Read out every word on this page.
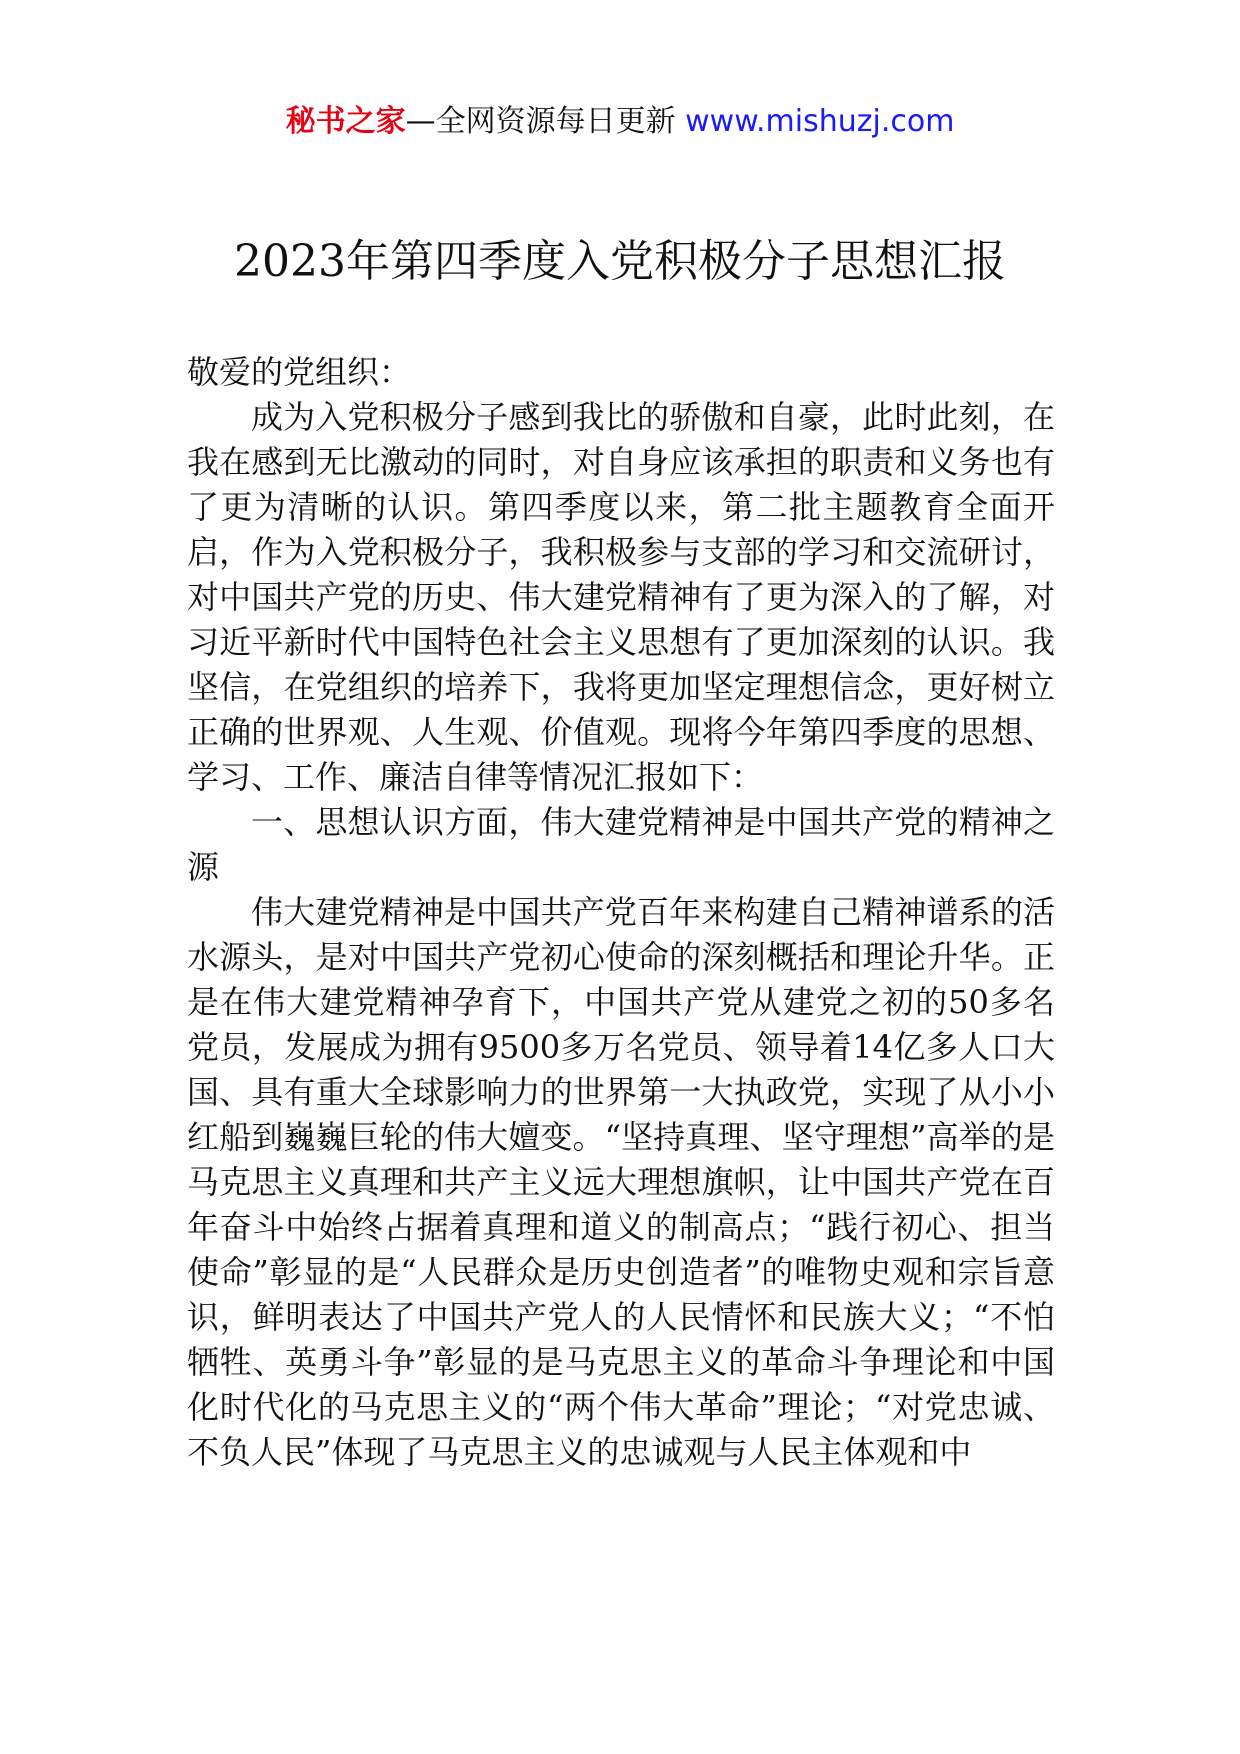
秘书之家—全网资源每日更新 www.mishuzj.com
2023年第四季度入党积极分子思想汇报

敬爱的党组织：

成为入党积极分子感到我比的骄傲和自豪，此时此刻，在我在感到无比激动的同时，对自身应该承担的职责和义务也有了更为清晰的认识。第四季度以来，第二批主题教育全面开启，作为入党积极分子，我积极参与支部的学习和交流研讨，对中国共产党的历史、伟大建党精神有了更为深入的了解，对习近平新时代中国特色社会主义思想有了更加深刻的认识。我坚信，在党组织的培养下，我将更加坚定理想信念，更好树立正确的世界观、人生观、价值观。现将今年第四季度的思想、学习、工作、廉洁自律等情况汇报如下：

一、思想认识方面，伟大建党精神是中国共产党的精神之源

伟大建党精神是中国共产党百年来构建自己精神谱系的活水源头，是对中国共产党初心使命的深刻概括和理论升华。正是在伟大建党精神孕育下，中国共产党从建党之初的50多名党员，发展成为拥有9500多万名党员、领导着14亿多人口大国、具有重大全球影响力的世界第一大执政党，实现了从小小红船到巍巍巨轮的伟大嬗变。“坚持真理、坚守理想”高举的是马克思主义真理和共产主义远大理想旗帜，让中国共产党在百年奋斗中始终占据着真理和道义的制高点；“践行初心、担当使命”彰显的是“人民群众是历史创造者”的唯物史观和宗旨意识，鲜明表达了中国共产党人的人民情怀和民族大义；“不怕牺牲、英勇斗争”彰显的是马克思主义的革命斗争理论和中国化时代化的马克思主义的“两个伟大革命”理论；“对党忠诚、不负人民”体现了马克思主义的忠诚观与人民主体观和中
